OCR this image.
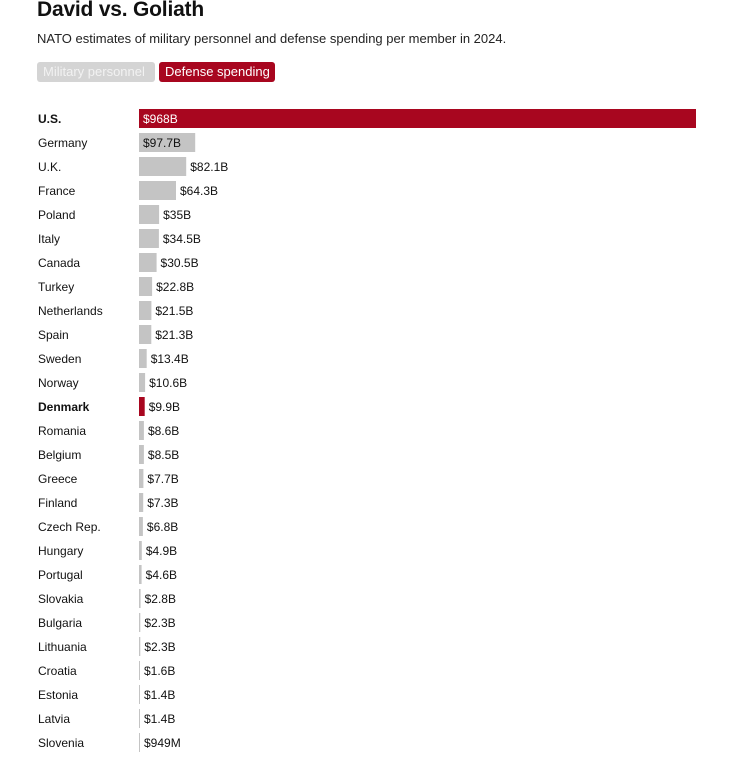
David vs. Goliath
NATO estimates of military personnel and defense spending per member in 2024.
Military personnel	Defense spending
U.S.	$968B
Germany	$97.7B
U.K.	$82.1B
France	$64.3B
Poland	$35B
Italy	$34.5B
Canada	$30.5B
Turkey	$22.8B
Netherlands	$21.5B
Spain	$21.3B
Sweden	$13.4B
Norway	$10.6B
Denmark	$9.9B
Romania	$8.6B
Belgium	$8.5B
Greece	$7.7B
Finland	$7.3B
Czech Rep.	$6.8B
Hungary	$4.9B
Portugal	$4.6B
Slovakia	$2.8B
Bulgaria	$2.3B
Lithuania	$2.3B
Croatia	$1.6B
Estonia	$1.4B
Latvia	$1.4B
Slovenia	$949M
